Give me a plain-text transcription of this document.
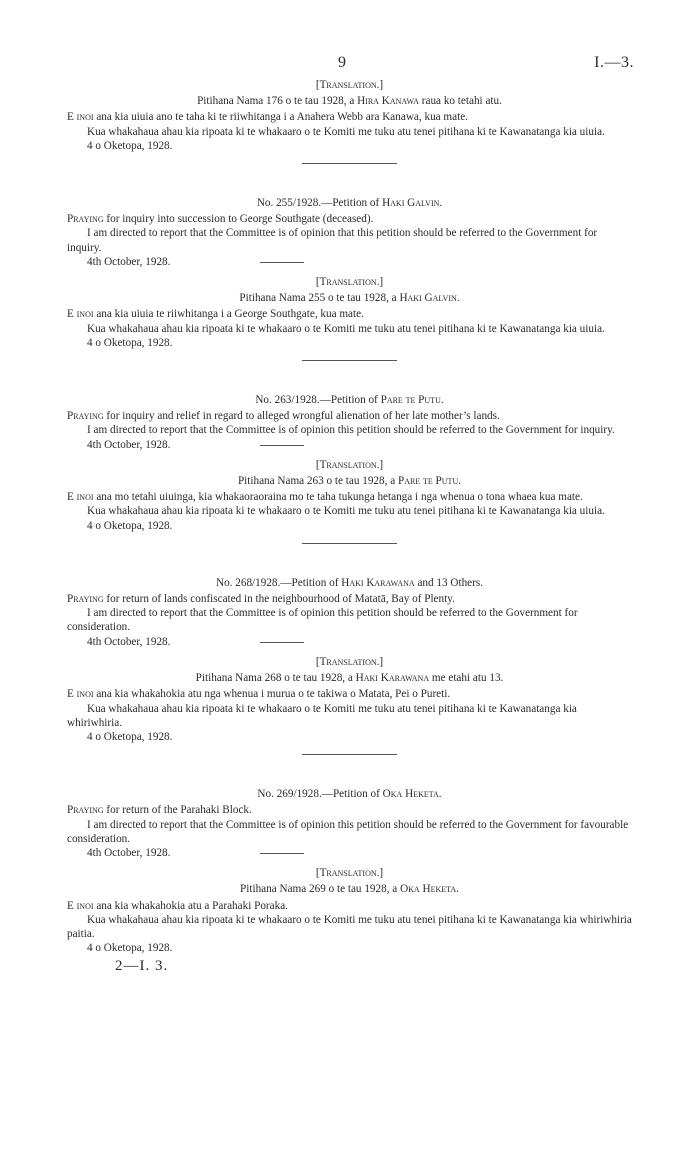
9	I.—3.

[Translation.]

Pitihana Nama 176 o te tau 1928, a Hira Kanawa raua ko tetahi atu.

E inoi ana kia uiuia ano te taha ki te riiwhitanga i a Anahera Webb ara Kanawa, kua mate.

Kua whakahaua ahau kia ripoata ki te whakaaro o te Komiti me tuku atu tenei pitihana ki te Kawanatanga kia uiuia.

4 o Oketopa, 1928.

No. 255/1928.—Petition of Haki Galvin.

Praying for inquiry into succession to George Southgate (deceased).

I am directed to report that the Committee is of opinion that this petition should be referred to the Government for inquiry.

4th October, 1928.

[Translation.]

Pitihana Nama 255 o te tau 1928, a Haki Galvin.

E inoi ana kia uiuia te riiwhitanga i a George Southgate, kua mate.

Kua whakahaua ahau kia ripoata ki te whakaaro o te Komiti me tuku atu tenei pitihana ki te Kawanatanga kia uiuia.

4 o Oketopa, 1928.

No. 263/1928.—Petition of Pare te Putu.

Praying for inquiry and relief in regard to alleged wrongful alienation of her late mother’s lands.

I am directed to report that the Committee is of opinion this petition should be referred to the Government for inquiry.

4th October, 1928.

[Translation.]

Pitihana Nama 263 o te tau 1928, a Pare te Putu.

E inoi ana mo tetahi uiuinga, kia whakaoraoraina mo te taha tukunga hetanga i nga whenua o tona whaea kua mate.

Kua whakahaua ahau kia ripoata ki te whakaaro o te Komiti me tuku atu tenei pitihana ki te Kawanatanga kia uiuia.

4 o Oketopa, 1928.

No. 268/1928.—Petition of Haki Karawana and 13 Others.

Praying for return of lands confiscated in the neighbourhood of Matatā, Bay of Plenty.

I am directed to report that the Committee is of opinion this petition should be referred to the Government for consideration.

4th October, 1928.

[Translation.]

Pitihana Nama 268 o te tau 1928, a Haki Karawana me etahi atu 13.

E inoi ana kia whakahokia atu nga whenua i murua o te takiwa o Matata, Pei o Pureti.

Kua whakahaua ahau kia ripoata ki te whakaaro o te Komiti me tuku atu tenei pitihana ki te Kawanatanga kia whiriwhiria.

4 o Oketopa, 1928.

No. 269/1928.—Petition of Oka Heketa.

Praying for return of the Parahaki Block.

I am directed to report that the Committee is of opinion this petition should be referred to the Government for favourable consideration.

4th October, 1928.

[Translation.]

Pitihana Nama 269 o te tau 1928, a Oka Heketa.

E inoi ana kia whakahokia atu a Parahaki Poraka.

Kua whakahaua ahau kia ripoata ki te whakaaro o te Komiti me tuku atu tenei pitihana ki te Kawanatanga kia whiriwhiria paitia.

4 o Oketopa, 1928.

2—I. 3.
